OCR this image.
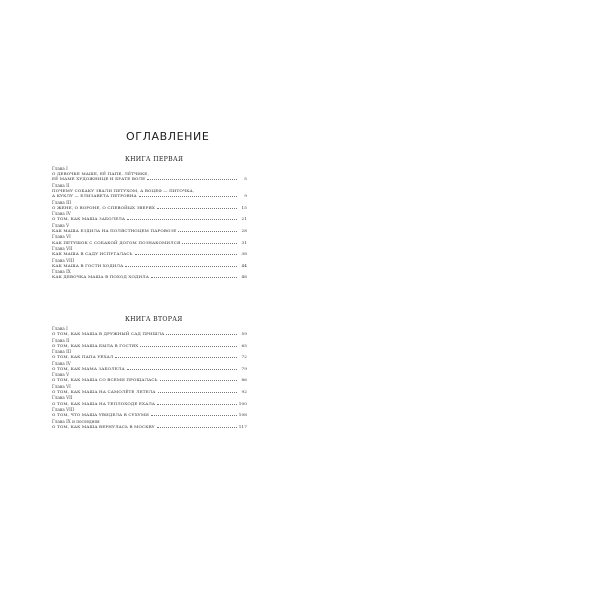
ОГЛАВЛЕНИЕ
КНИГА ПЕРВАЯ
Глава I
О ДЕВОЧКЕ МАШЕ, ЕЁ ПАПЕ, ЛЁТЧИКЕ,
ЕЁ МАМЕ ХУДОЖНИЦЕ И БРАТЕ ВОЛЕ	5
Глава II
ПОЧЕМУ СОБАКУ ЗВАЛИ ПЕТУХОМ, А ВОЦЕФ — ПИТОЧКА,
А КУКЛУ — ЕЛИЗАВЕТА ПЕТРОВНА	9
Глава III
О ЖЕНЕ, О ВОРОНЕ, О СПЕВОЙЫХ ЗВЕРЯХ	15
Глава IV
О ТОМ, КАК МАША ЗАБОЛЕЛА	21
Глава V
КАК МАША ЕЗДИЛА НА ПОЛЯСТНОЦЕМ ПАРОВОЗЕ	28
Глава VI
КАК ПЕТУШОК С СОБАКОЙ ДОГОМ ПОЗНАКОМИЛСЯ	31
Глава VII
КАК МАША В САДУ ИСПУГАЛАСЬ	38
Глава VIII
КАК МАША В ГОСТИ ХОДИЛА	44
Глава IX
КАК ДЕВОЧКА МАША В ПОХОД ХОДИЛА	48
КНИГА ВТОРАЯ
Глава I
О ТОМ, КАК МАША В ДРУЖНЫЙ САД ПРИШЛА	59
Глава II
О ТОМ, КАК МАША БЫЛА В ГОСТЯХ	65
Глава III
О ТОМ, КАК ПАПА УЕХАЛ	72
Глава IV
О ТОМ, КАК МАМА ЗАБОЛЕЛА	79
Глава V
О ТОМ, КАК МАША СО ВСЕМИ ПРОЩАЛАСЬ	86
Глава VI
О ТОМ, КАК МАША НА САМОЛЁТЕ ЛЕТЕЛА	92
Глава VII
О ТОМ, КАК МАША НА ТЕПЛОХОДЕ ЕХАЛА	100
Глава VIII
О ТОМ, ЧТО МАША УВИДЕЛА В СУХУМИ	108
Глава IX и последняя
О ТОМ, КАК МАША ВЕРНУЛАСЬ В МОСКВУ	117
